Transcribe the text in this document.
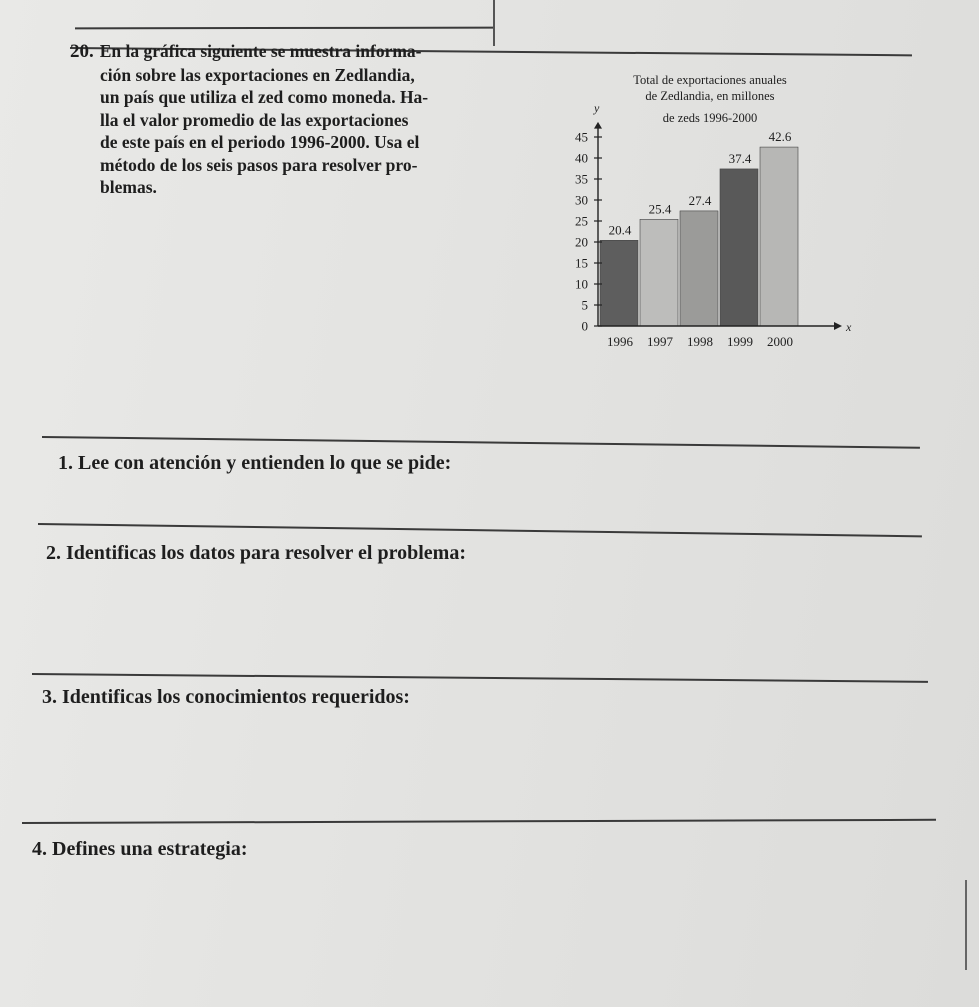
20. En la gráfica siguiente se muestra informa-
ción sobre las exportaciones en Zedlandia,
un país que utiliza el zed como moneda. Ha-
lla el valor promedio de las exportaciones
de este país en el periodo 1996-2000. Usa el
método de los seis pasos para resolver pro-
blemas.
Total de exportaciones anuales
de Zedlandia, en millones
de zeds 1996-2000
y
x
20.4
1996
25.4
1997
27.4
1998
37.4
1999
42.6
2000
0
5
10
15
20
25
30
35
40
45
1. Lee con atención y entienden lo que se pide:
2. Identificas los datos para resolver el problema:
3. Identificas los conocimientos requeridos:
4. Defines una estrategia:
